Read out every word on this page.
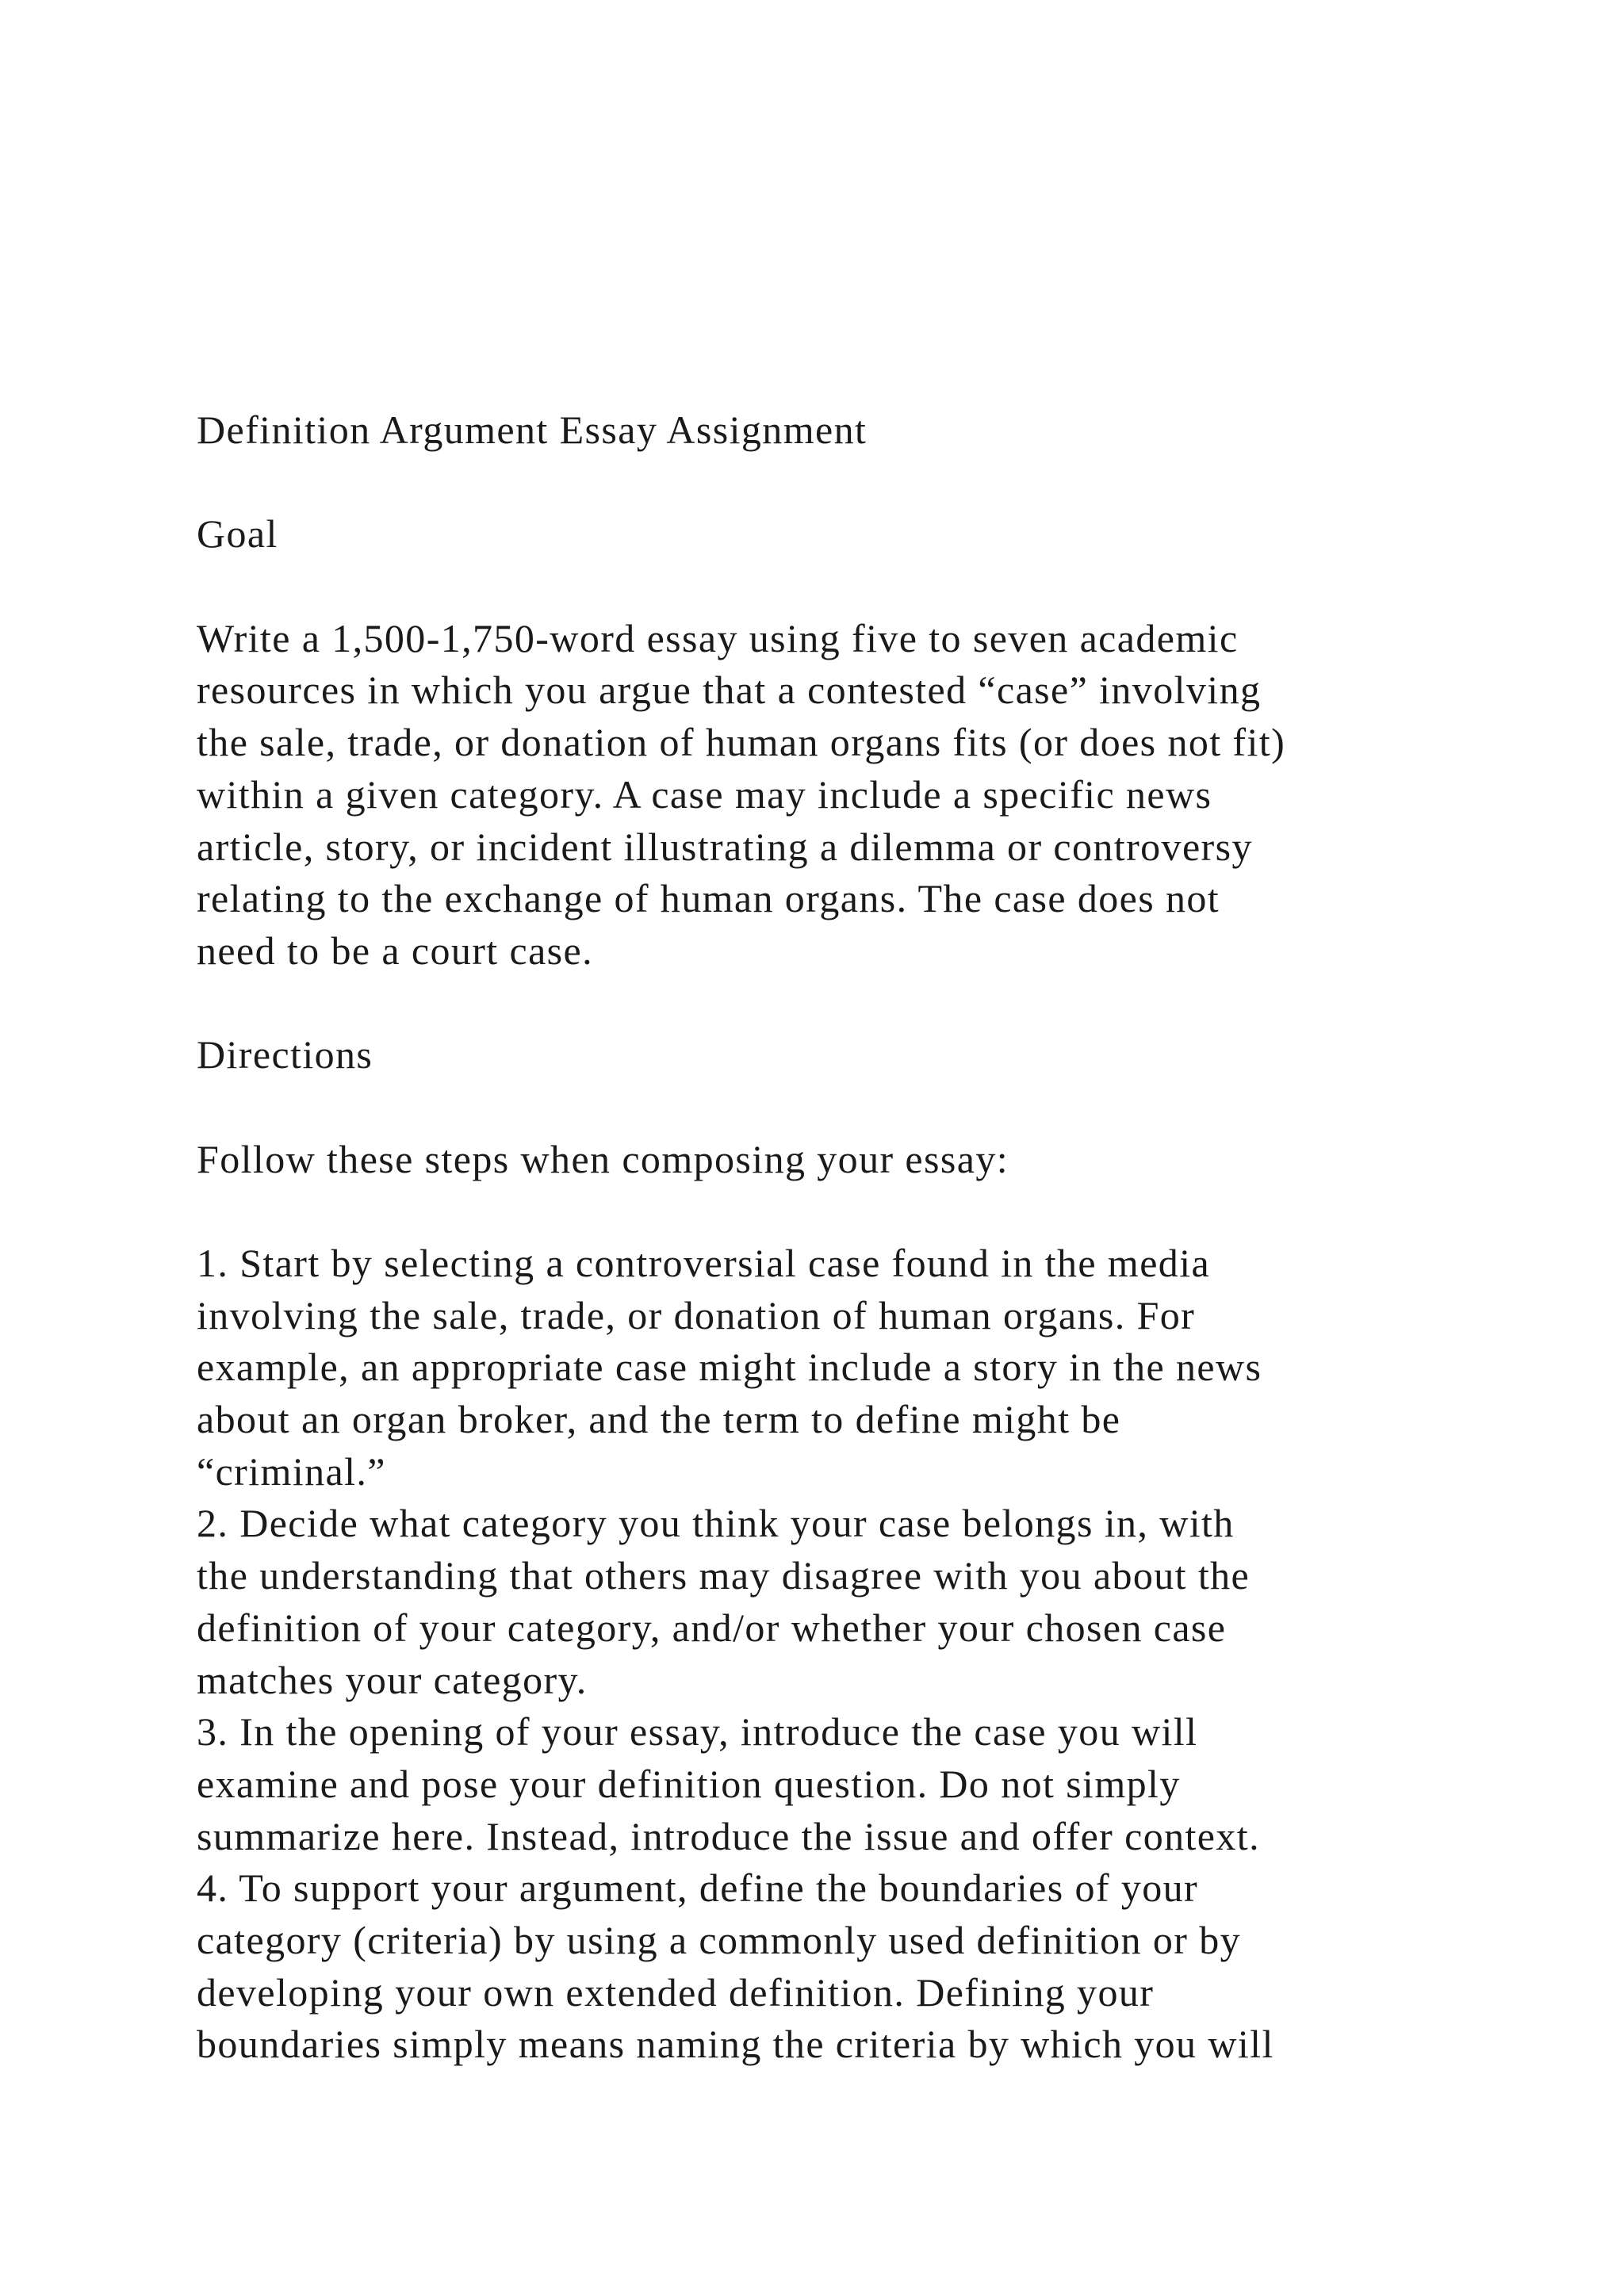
Definition Argument Essay Assignment
Goal
Write a 1,500-1,750-word essay using five to seven academic
resources in which you argue that a contested “case” involving
the sale, trade, or donation of human organs fits (or does not fit)
within a given category. A case may include a specific news
article, story, or incident illustrating a dilemma or controversy
relating to the exchange of human organs. The case does not
need to be a court case.
Directions
Follow these steps when composing your essay:
1. Start by selecting a controversial case found in the media
involving the sale, trade, or donation of human organs. For
example, an appropriate case might include a story in the news
about an organ broker, and the term to define might be
“criminal.”
2. Decide what category you think your case belongs in, with
the understanding that others may disagree with you about the
definition of your category, and/or whether your chosen case
matches your category.
3. In the opening of your essay, introduce the case you will
examine and pose your definition question. Do not simply
summarize here. Instead, introduce the issue and offer context.
4. To support your argument, define the boundaries of your
category (criteria) by using a commonly used definition or by
developing your own extended definition. Defining your
boundaries simply means naming the criteria by which you will
